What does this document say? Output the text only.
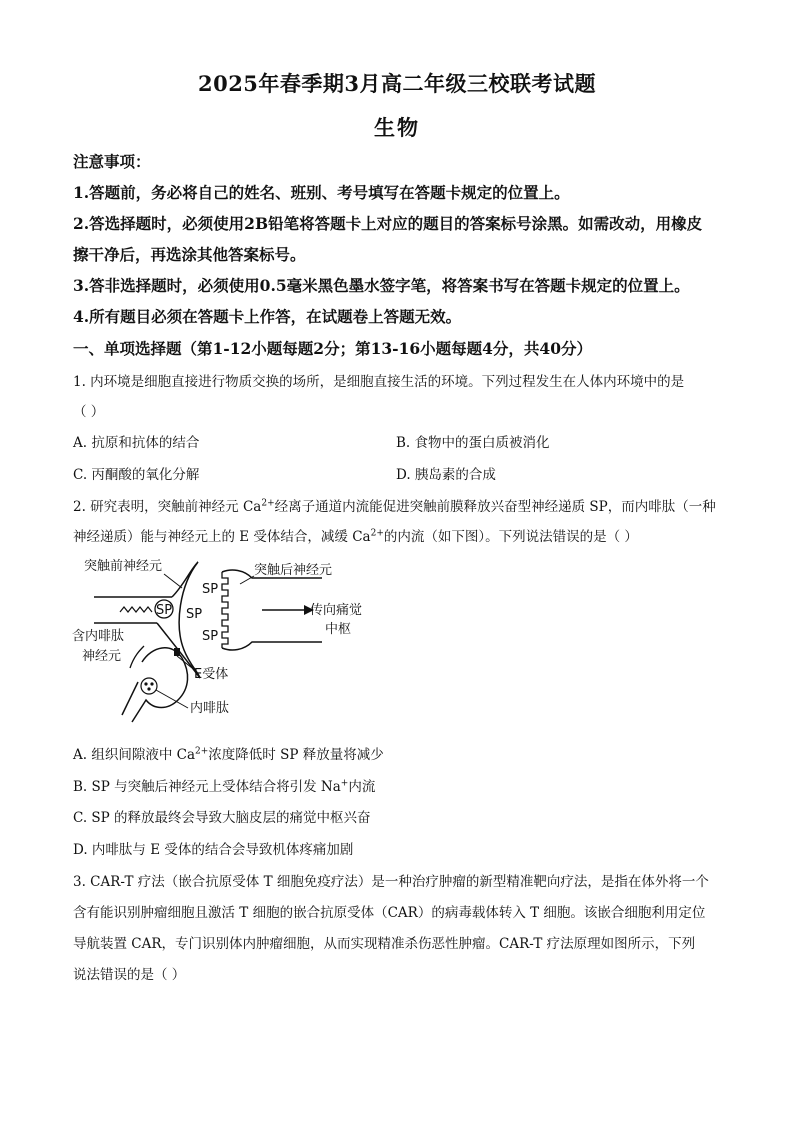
2025年春季期3月高二年级三校联考试题
生物
注意事项：
1.答题前，务必将自己的姓名、班别、考号填写在答题卡规定的位置上。
2.答选择题时，必须使用2B铅笔将答题卡上对应的题目的答案标号涂黑。如需改动，用橡皮
擦干净后，再选涂其他答案标号。
3.答非选择题时，必须使用0.5毫米黑色墨水签字笔，将答案书写在答题卡规定的位置上。
4.所有题目必须在答题卡上作答，在试题卷上答题无效。
一、单项选择题（第1-12小题每题2分；第13-16小题每题4分，共40分）
1. 内环境是细胞直接进行物质交换的场所，是细胞直接生活的环境。下列过程发生在人体内环境中的是
（ ）
A. 抗原和抗体的结合	B. 食物中的蛋白质被消化
C. 丙酮酸的氧化分解	D. 胰岛素的合成
2. 研究表明，突触前神经元 $Ca^{2+}$经离子通道内流能促进突触前膜释放兴奋型神经递质 SP，而内啡肽（一种
神经递质）能与神经元上的 E 受体结合，减缓 $Ca^{2+}$的内流（如下图）。下列说法错误的是（ ）
SP SP
SP
SP
传向痛觉
中枢
突触前神经元	突触后神经元
E受体
内啡肽
含内啡肽
神经元
A. 组织间隙液中 $Ca^{2+}$浓度降低时 SP 释放量将减少
B. SP 与突触后神经元上受体结合将引发 Na+内流
C. SP 的释放最终会导致大脑皮层的痛觉中枢兴奋
D. 内啡肽与 E 受体的结合会导致机体疼痛加剧
3. CAR-T 疗法（嵌合抗原受体 T 细胞免疫疗法）是一种治疗肿瘤的新型精准靶向疗法，是指在体外将一个
含有能识别肿瘤细胞且激活 T 细胞的嵌合抗原受体（CAR）的病毒载体转入 T 细胞。该嵌合细胞利用定位
导航装置 CAR，专门识别体内肿瘤细胞，从而实现精准杀伤恶性肿瘤。CAR-T 疗法原理如图所示，下列
说法错误的是（ ）
